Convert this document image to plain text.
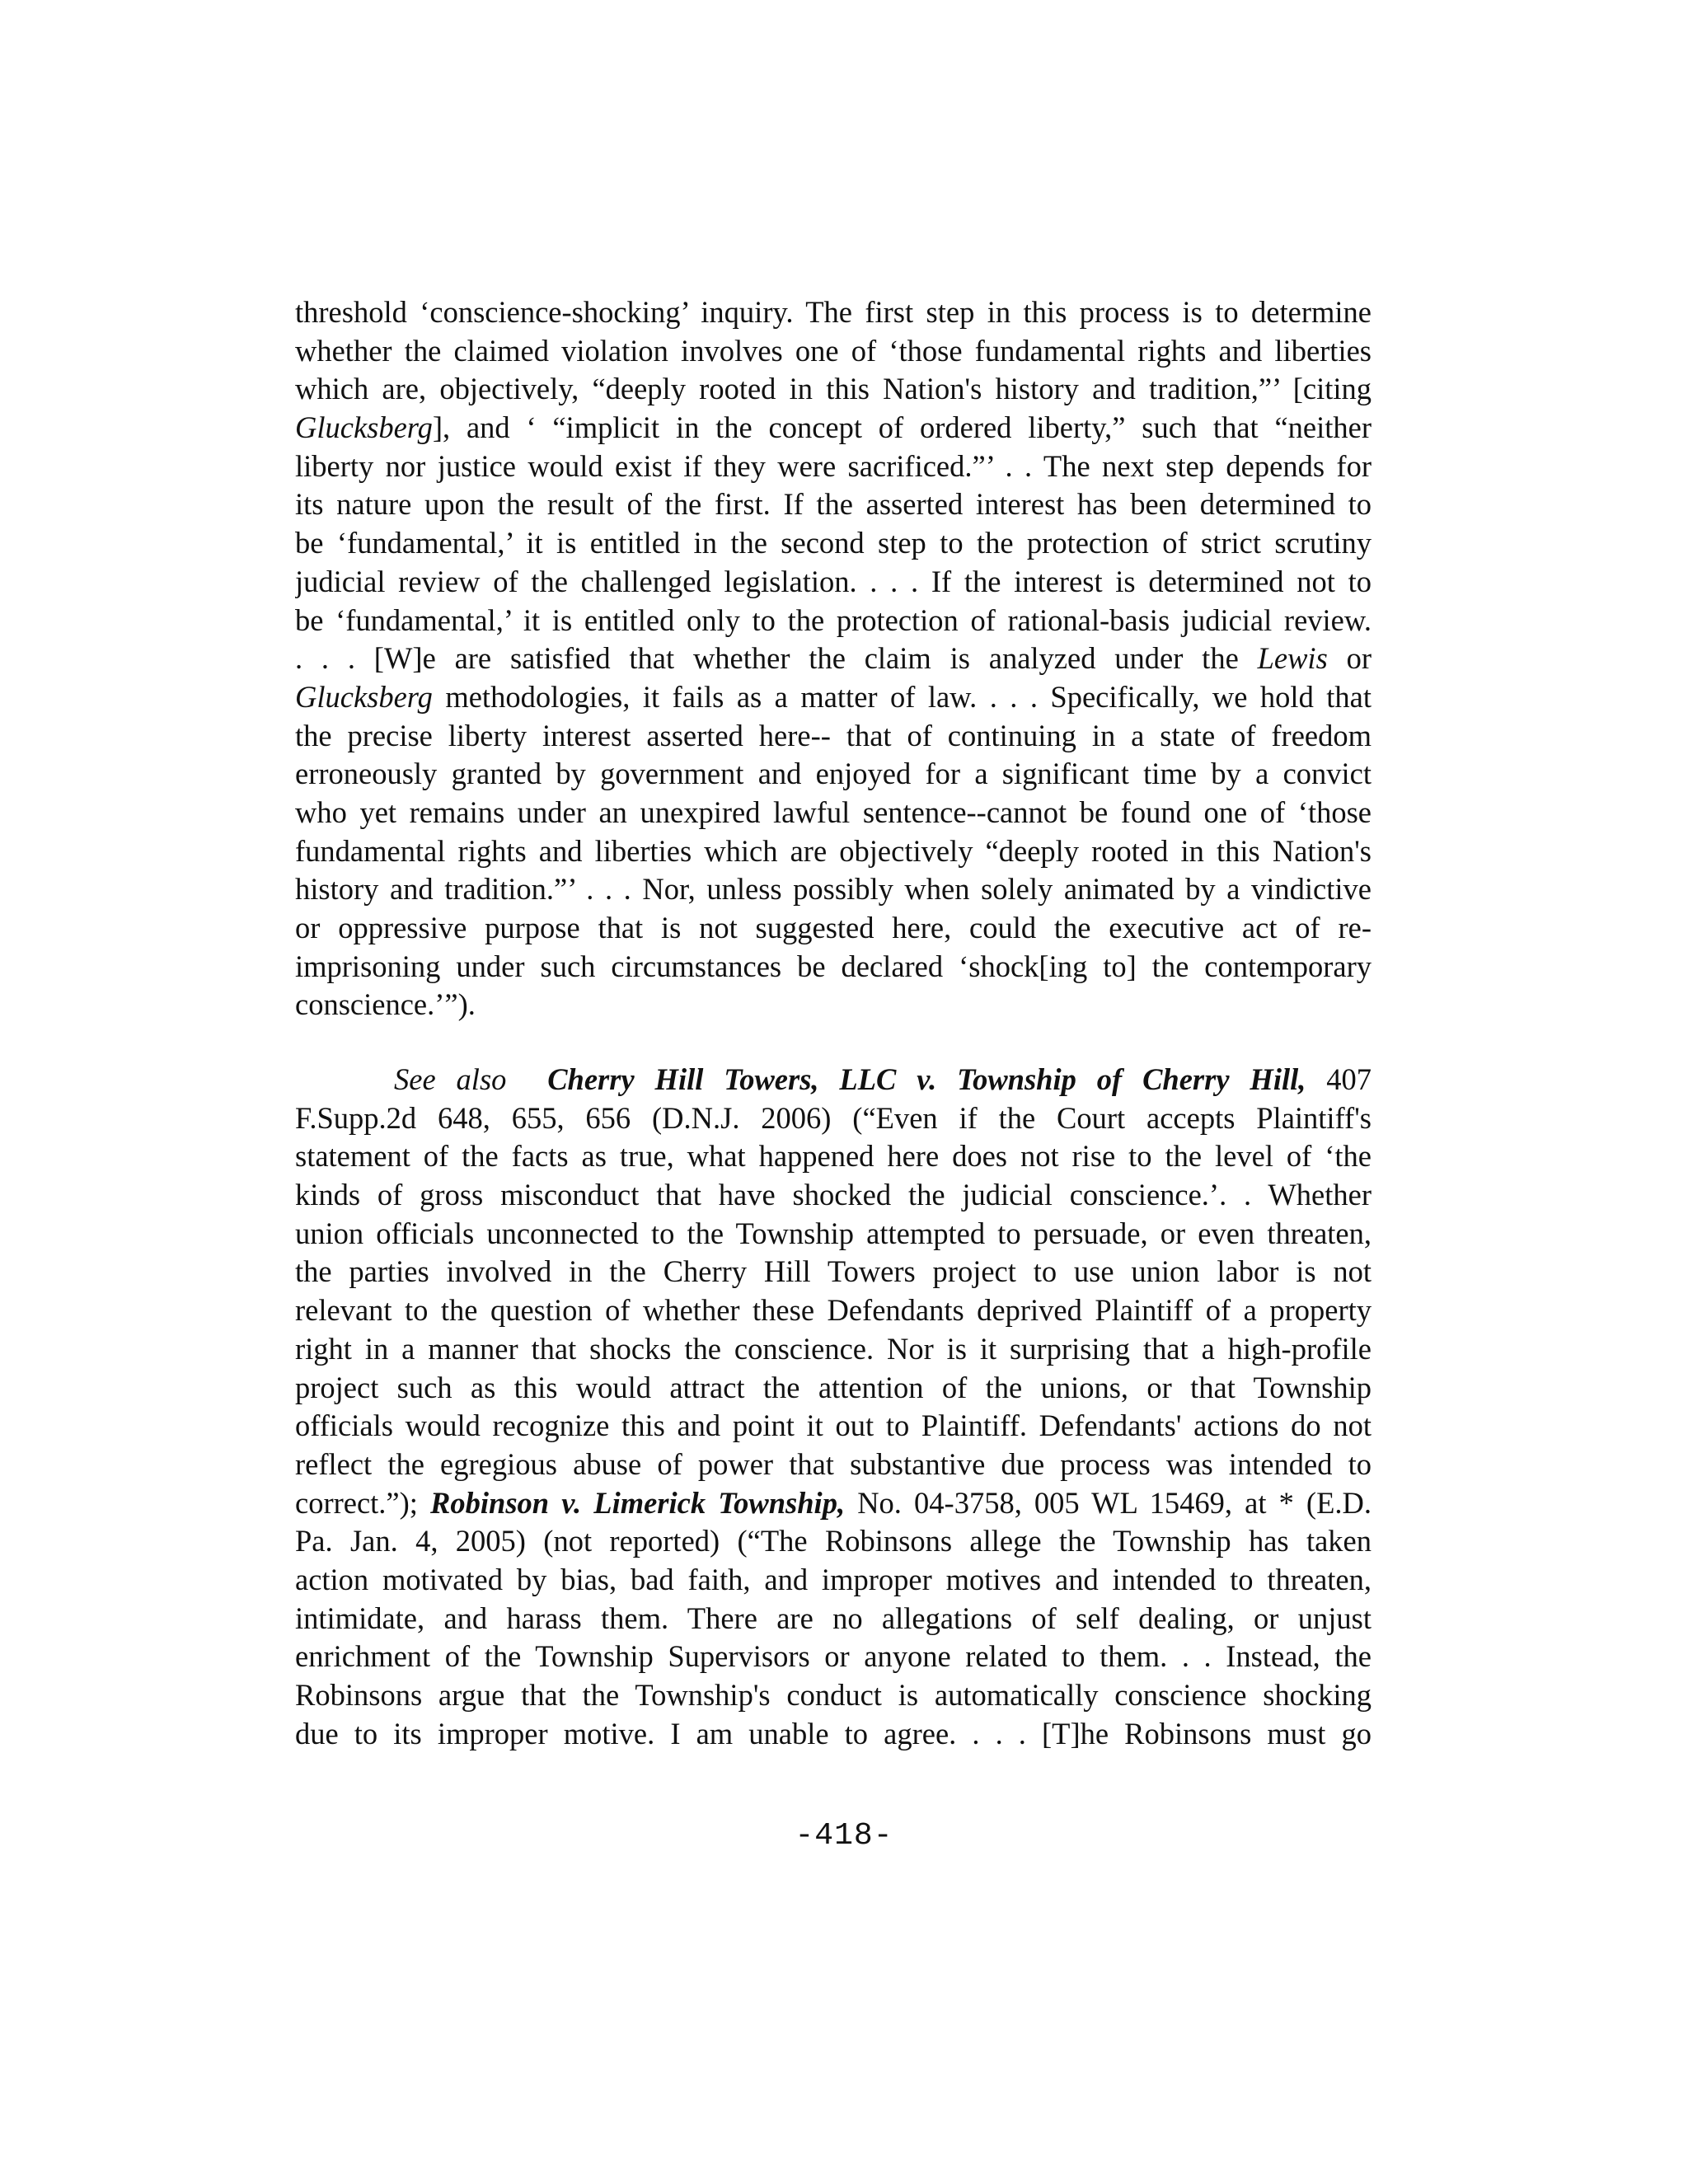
threshold ‘conscience-shocking’ inquiry. The first step in this process is to determine
whether the claimed violation involves one of ‘those fundamental rights and liberties
which are, objectively, “deeply rooted in this Nation's history and tradition,”’ [citing
Glucksberg], and ‘ “implicit in the concept of ordered liberty,” such that “neither
liberty nor justice would exist if they were sacrificed.”’ . . The next step depends for
its nature upon the result of the first. If the asserted interest has been determined to
be ‘fundamental,’ it is entitled in the second step to the protection of strict scrutiny
judicial review of the challenged legislation. . . . If the interest is determined not to
be ‘fundamental,’ it is entitled only to the protection of rational-basis judicial review.
. . . [W]e are satisfied that whether the claim is analyzed under the Lewis or
Glucksberg methodologies, it fails as a matter of law. . . . Specifically, we hold that
the precise liberty interest asserted here-- that of continuing in a state of freedom
erroneously granted by government and enjoyed for a significant time by a convict
who yet remains under an unexpired lawful sentence--cannot be found one of ‘those
fundamental rights and liberties which are objectively “deeply rooted in this Nation's
history and tradition.”’ . . . Nor, unless possibly when solely animated by a vindictive
or oppressive purpose that is not suggested here, could the executive act of re-
imprisoning under such circumstances be declared ‘shock[ing to] the contemporary
conscience.’”).
See also Cherry Hill Towers, LLC v. Township of Cherry Hill, 407
F.Supp.2d 648, 655, 656 (D.N.J. 2006) (“Even if the Court accepts Plaintiff's
statement of the facts as true, what happened here does not rise to the level of ‘the
kinds of gross misconduct that have shocked the judicial conscience.’. . Whether
union officials unconnected to the Township attempted to persuade, or even threaten,
the parties involved in the Cherry Hill Towers project to use union labor is not
relevant to the question of whether these Defendants deprived Plaintiff of a property
right in a manner that shocks the conscience. Nor is it surprising that a high-profile
project such as this would attract the attention of the unions, or that Township
officials would recognize this and point it out to Plaintiff. Defendants' actions do not
reflect the egregious abuse of power that substantive due process was intended to
correct.”); Robinson v. Limerick Township, No. 04-3758, 005 WL 15469, at * (E.D.
Pa. Jan. 4, 2005) (not reported) (“The Robinsons allege the Township has taken
action motivated by bias, bad faith, and improper motives and intended to threaten,
intimidate, and harass them. There are no allegations of self dealing, or unjust
enrichment of the Township Supervisors or anyone related to them. . . Instead, the
Robinsons argue that the Township's conduct is automatically conscience shocking
due to its improper motive. I am unable to agree. . . . [T]he Robinsons must go
-418-
